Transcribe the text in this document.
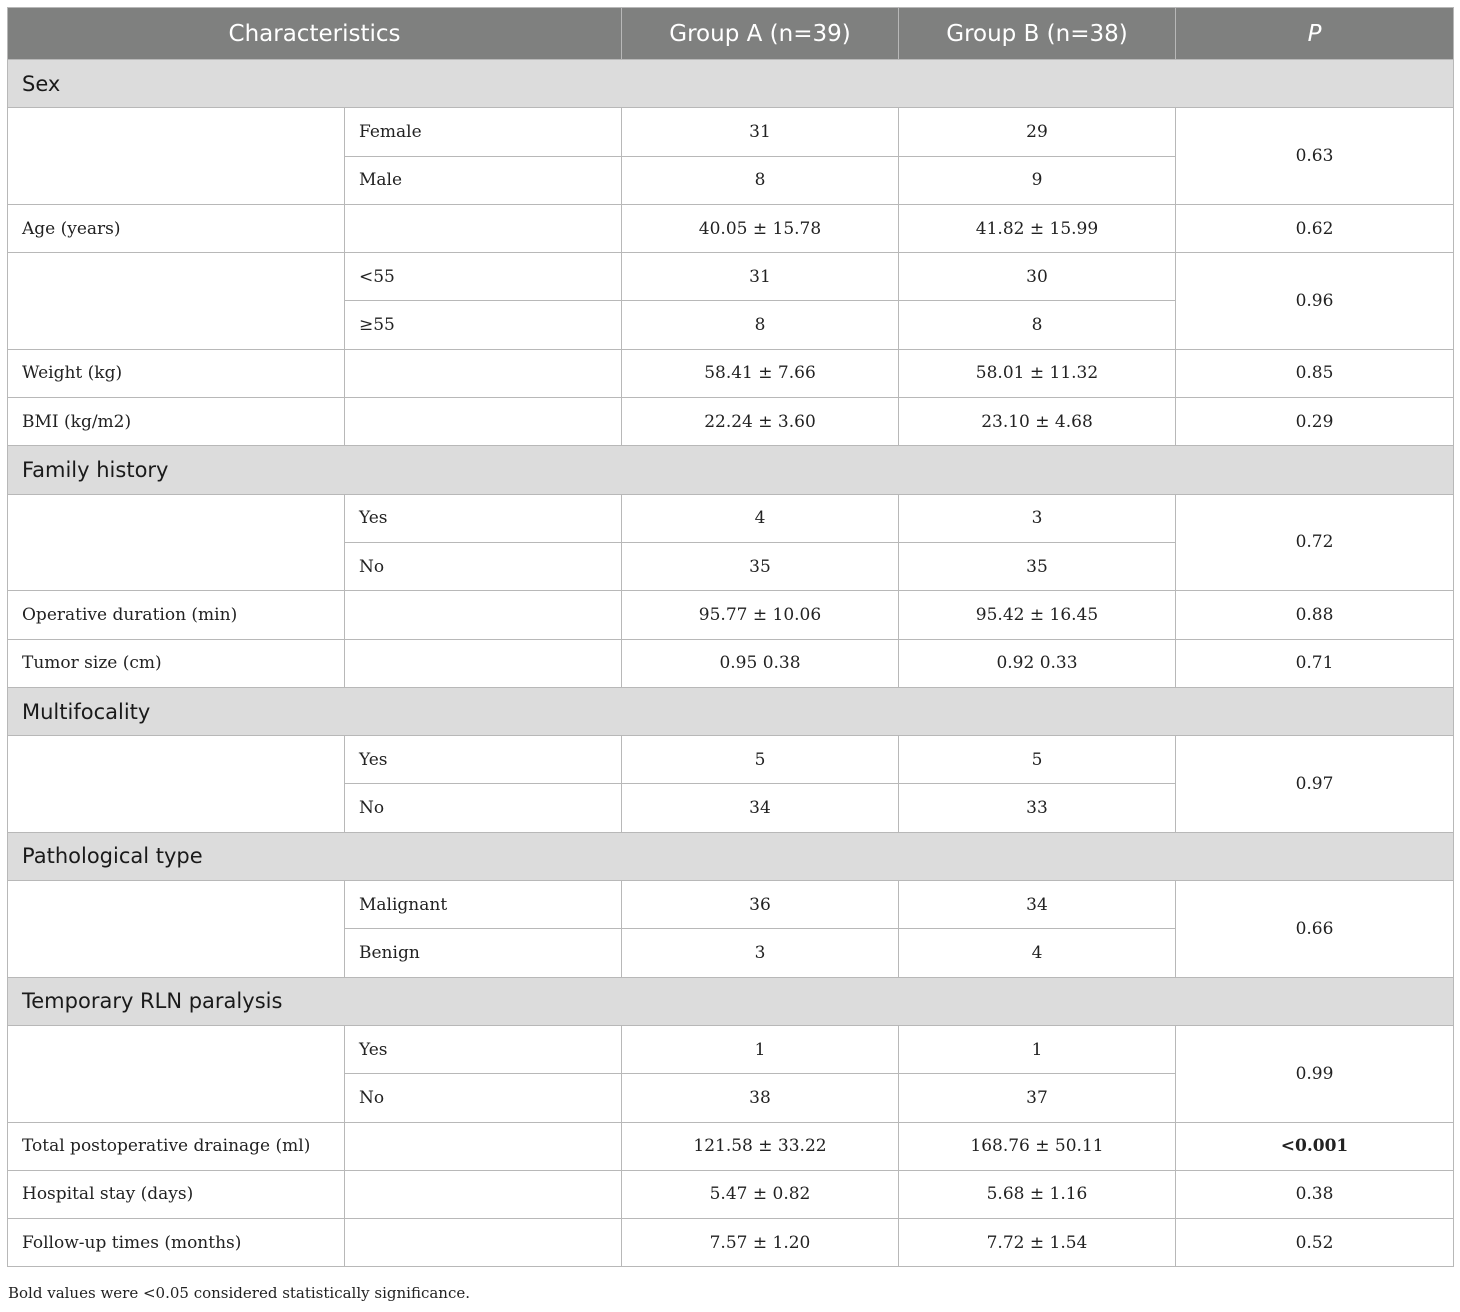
Characteristics		Group A (n=39)	Group B (n=38)	P
Sex				
	Female	31	29	0.63
	Male	8	9	
Age (years)		40.05 ± 15.78	41.82 ± 15.99	0.62
	<55	31	30	0.96
	≥55	8	8	
Weight (kg)		58.41 ± 7.66	58.01 ± 11.32	0.85
BMI (kg/m2)		22.24 ± 3.60	23.10 ± 4.68	0.29
Family history				
	Yes	4	3	0.72
	No	35	35	
Operative duration (min)		95.77 ± 10.06	95.42 ± 16.45	0.88
Tumor size (cm)		0.95 0.38	0.92 0.33	0.71
Multifocality				
	Yes	5	5	0.97
	No	34	33	
Pathological type				
	Malignant	36	34	0.66
	Benign	3	4	
Temporary RLN paralysis				
	Yes	1	1	0.99
	No	38	37	
Total postoperative drainage (ml)		121.58 ± 33.22	168.76 ± 50.11	<0.001
Hospital stay (days)		5.47 ± 0.82	5.68 ± 1.16	0.38
Follow-up times (months)		7.57 ± 1.20	7.72 ± 1.54	0.52
Bold values were <0.05 considered statistically significance.
